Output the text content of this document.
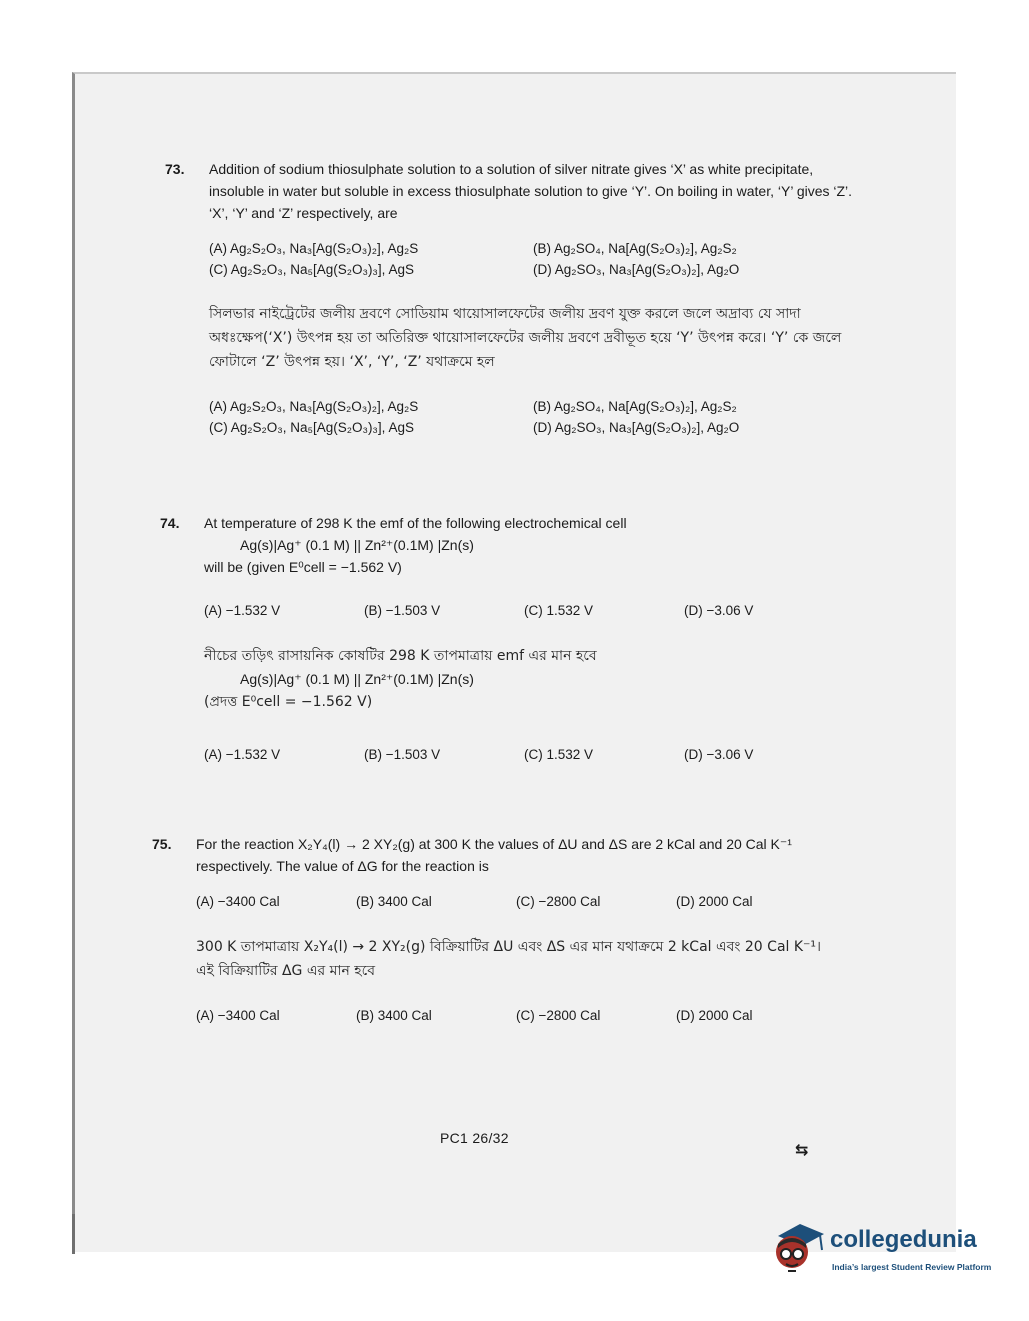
73. Addition of sodium thiosulphate solution to a solution of silver nitrate gives ‘X’ as white precipitate, insoluble in water but soluble in excess thiosulphate solution to give ‘Y’. On boiling in water, ‘Y’ gives ‘Z’. ‘X’, ‘Y’ and ‘Z’ respectively, are

(A) Ag₂S₂O₃, Na₃[Ag(S₂O₃)₂], Ag₂S	(B) Ag₂SO₄, Na[Ag(S₂O₃)₂], Ag₂S₂
(C) Ag₂S₂O₃, Na₅[Ag(S₂O₃)₃], AgS	(D) Ag₂SO₃, Na₃[Ag(S₂O₃)₂], Ag₂O

সিলভার নাইট্রেটের জলীয় দ্রবণে সোডিয়াম থায়োসালফেটের জলীয় দ্রবণ যুক্ত করলে জলে অদ্রাব্য যে সাদা অধঃক্ষেপ(‘X’) উৎপন্ন হয় তা অতিরিক্ত থায়োসালফেটের জলীয় দ্রবণে দ্রবীভূত হয়ে ‘Y’ উৎপন্ন করে। ‘Y’ কে জলে ফোটালে ‘Z’ উৎপন্ন হয়। ‘X’, ‘Y’, ‘Z’ যথাক্রমে হল

(A) Ag₂S₂O₃, Na₃[Ag(S₂O₃)₂], Ag₂S	(B) Ag₂SO₄, Na[Ag(S₂O₃)₂], Ag₂S₂
(C) Ag₂S₂O₃, Na₅[Ag(S₂O₃)₃], AgS	(D) Ag₂SO₃, Na₃[Ag(S₂O₃)₂], Ag₂O
74. At temperature of 298 K the emf of the following electrochemical cell

Ag(s)|Ag⁺ (0.1 M) || Zn²⁺(0.1M) |Zn(s)

will be (given E⁰cell = −1.562 V)

(A) −1.532 V	(B) −1.503 V	(C) 1.532 V	(D) −3.06 V

নীচের তড়িৎ রাসায়নিক কোষটির 298 K তাপমাত্রায় emf এর মান হবে

Ag(s)|Ag⁺ (0.1 M) || Zn²⁺(0.1M) |Zn(s)

(প্রদত্ত E⁰cell = −1.562 V)

(A) −1.532 V	(B) −1.503 V	(C) 1.532 V	(D) −3.06 V
75. For the reaction X₂Y₄(l) → 2 XY₂(g) at 300 K the values of ΔU and ΔS are 2 kCal and 20 Cal K⁻¹ respectively. The value of ΔG for the reaction is

(A) −3400 Cal	(B) 3400 Cal	(C) −2800 Cal	(D) 2000 Cal

300 K তাপমাত্রায় X₂Y₄(l) → 2 XY₂(g) বিক্রিয়াটির ΔU এবং ΔS এর মান যথাক্রমে 2 kCal এবং 20 Cal K⁻¹। এই বিক্রিয়াটির ΔG এর মান হবে

(A) −3400 Cal	(B) 3400 Cal	(C) −2800 Cal	(D) 2000 Cal
PC1 26/32
⇆
collegedunia
India’s largest Student Review Platform
